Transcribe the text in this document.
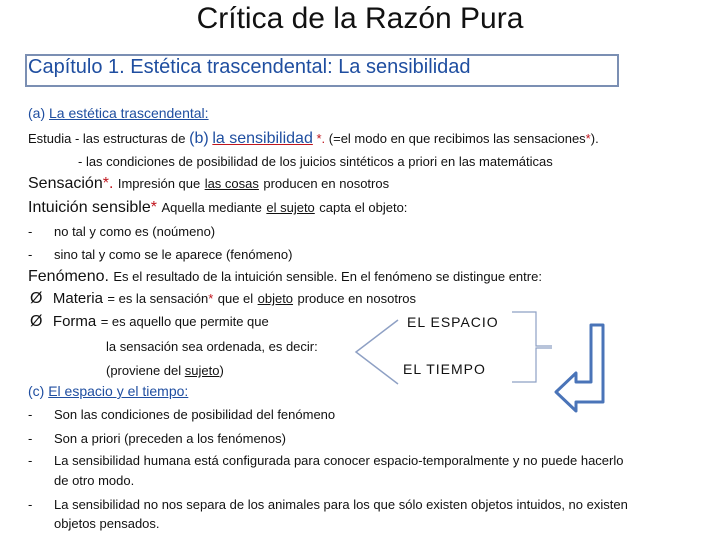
Crítica de la Razón Pura
Capítulo 1. Estética trascendental: La sensibilidad
(a) La estética trascendental:
Estudia - las estructuras de (b) la sensibilidad *. (=el modo en que recibimos las sensaciones*).
- las condiciones de posibilidad de los juicios sintéticos a priori en las matemáticas
Sensación*. Impresión que las cosas producen en nosotros
Intuición sensible* Aquella mediante el sujeto capta el objeto:
- no tal y como es (noúmeno)
- sino tal y como se le aparece (fenómeno)
Fenómeno. Es el resultado de la intuición sensible. En el fenómeno se distingue entre:
Ø Materia = es la sensación* que el objeto produce en nosotros
Ø Forma = es aquello que permite que
la sensación sea ordenada, es decir:
(proviene del sujeto)
EL ESPACIO
EL TIEMPO
(c) El espacio y el tiempo:
- Son las condiciones de posibilidad del fenómeno
- Son a priori (preceden a los fenómenos)
- La sensibilidad humana está configurada para conocer espacio-temporalmente y no puede hacerlo
de otro modo.
- La sensibilidad no nos separa de los animales para los que sólo existen objetos intuidos, no existen
objetos pensados.
